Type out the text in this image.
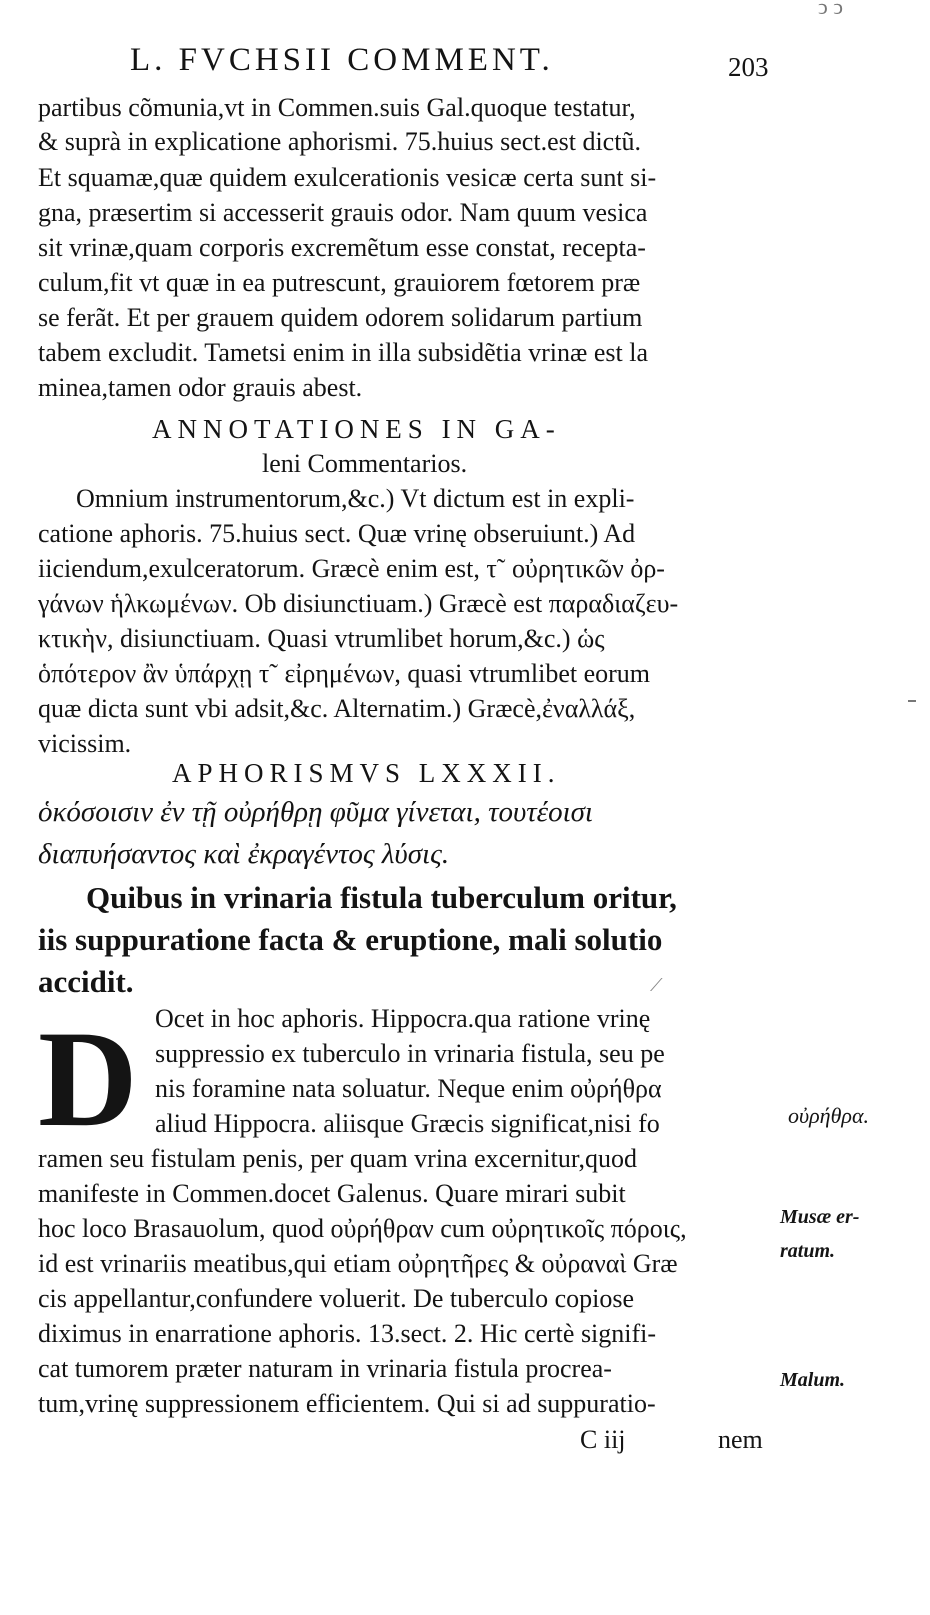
ↄ ↄ
L. FVCHSII COMMENT.	203
partibus cõmunia,vt in Commen.suis Gal.quoque testatur,
& suprà in explicatione aphorismi. 75.huius sect.est dictũ.
Et squamæ,quæ quidem exulcerationis vesicæ certa sunt si-
gna, præsertim si accesserit grauis odor. Nam quum vesica
sit vrinæ,quam corporis excremẽtum esse constat, recepta-
culum,fit vt quæ in ea putrescunt, grauiorem fœtorem præ
se ferãt. Et per grauem quidem odorem solidarum partium
tabem excludit. Tametsi enim in illa subsidẽtia vrinæ est la
minea,tamen odor grauis abest.
ANNOTATIONES IN GA-
leni Commentarios.
Omnium instrumentorum,&c.) Vt dictum est in expli-
catione aphoris. 75.huius sect. Quæ vrinę obseruiunt.) Ad
iiciendum,exulceratorum. Græcè enim est, τ῀ οὐρητικῶν ὀρ-
γάνων ἡλκωμένων. Ob disiunctiuam.) Græcè est παραδιαζευ-
κτικὴν, disiunctiuam. Quasi vtrumlibet horum,&c.) ὡς
ὁπότερον ἂν ὑπάρχῃ τ῀ εἰρημένων, quasi vtrumlibet eorum
quæ dicta sunt vbi adsit,&c. Alternatim.) Græcè,ἐναλλάξ,
vicissim.
APHORISMVS LXXXII.
ὁκόσοισιν ἐν τῇ οὐρήθρῃ φῦμα γίνεται, τουτέοισι
διαπυήσαντος καὶ ἐκραγέντος λύσις.
Quibus in vrinaria fistula tuberculum oritur,
iis suppuratione facta & eruptione, mali solutio
accidit.	⟋
D Ocet in hoc aphoris. Hippocra.qua ratione vrinę
suppressio ex tuberculo in vrinaria fistula, seu pe
nis foramine nata soluatur. Neque enim οὐρήθρα
aliud Hippocra. aliisque Græcis significat,nisi fo
ramen seu fistulam penis, per quam vrina excernitur,quod
manifeste in Commen.docet Galenus. Quare mirari subit
hoc loco Brasauolum, quod οὐρήθραν cum οὐρητικοῖς πόροις,
id est vrinariis meatibus,qui etiam οὐρητῆρες & οὐραναὶ Græ
cis appellantur,confundere voluerit. De tuberculo copiose
diximus in enarratione aphoris. 13.sect. 2. Hic certè signifi-
cat tumorem præter naturam in vrinaria fistula procrea-
tum,vrinę suppressionem efficientem. Qui si ad suppuratio-
C iij	nem
οὐρήθρα.
Musæ er-
ratum.
Malum.
